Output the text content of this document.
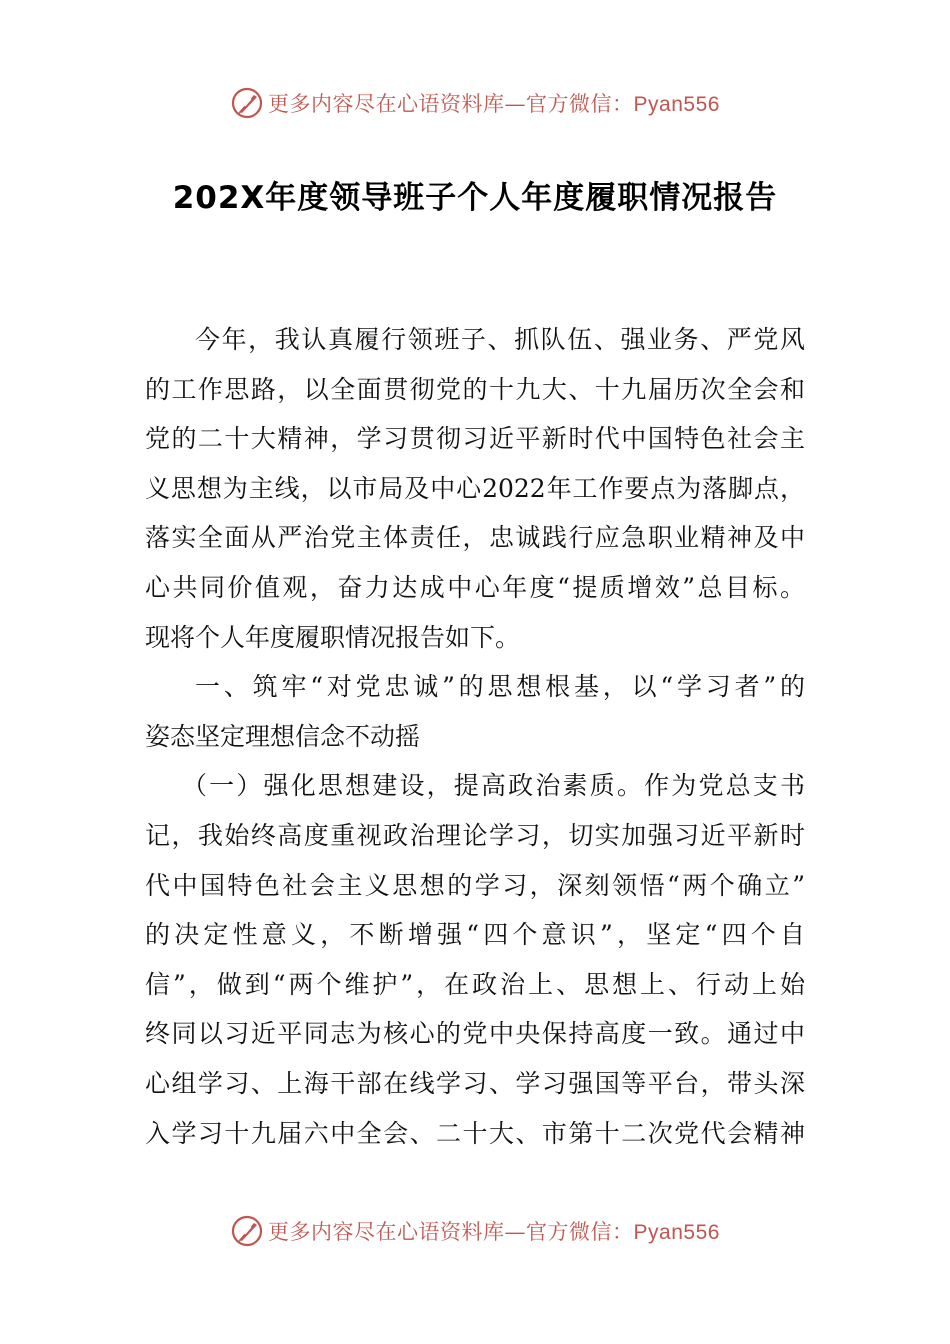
更多内容尽在心语资料库—官方微信：Pyan556
202X年度领导班子个人年度履职情况报告
今年，我认真履行领班子、抓队伍、强业务、严党风
的工作思路，以全面贯彻党的十九大、十九届历次全会和
党的二十大精神，学习贯彻习近平新时代中国特色社会主
义思想为主线，以市局及中心2022年工作要点为落脚点，
落实全面从严治党主体责任，忠诚践行应急职业精神及中
心共同价值观，奋力达成中心年度“提质增效”总目标。
现将个人年度履职情况报告如下。
一、筑牢“对党忠诚”的思想根基，以“学习者”的
姿态坚定理想信念不动摇
（一）强化思想建设，提高政治素质。作为党总支书
记，我始终高度重视政治理论学习，切实加强习近平新时
代中国特色社会主义思想的学习，深刻领悟“两个确立”
的决定性意义，不断增强“四个意识”，坚定“四个自
信”，做到“两个维护”，在政治上、思想上、行动上始
终同以习近平同志为核心的党中央保持高度一致。通过中
心组学习、上海干部在线学习、学习强国等平台，带头深
入学习十九届六中全会、二十大、市第十二次党代会精神
更多内容尽在心语资料库—官方微信：Pyan556
